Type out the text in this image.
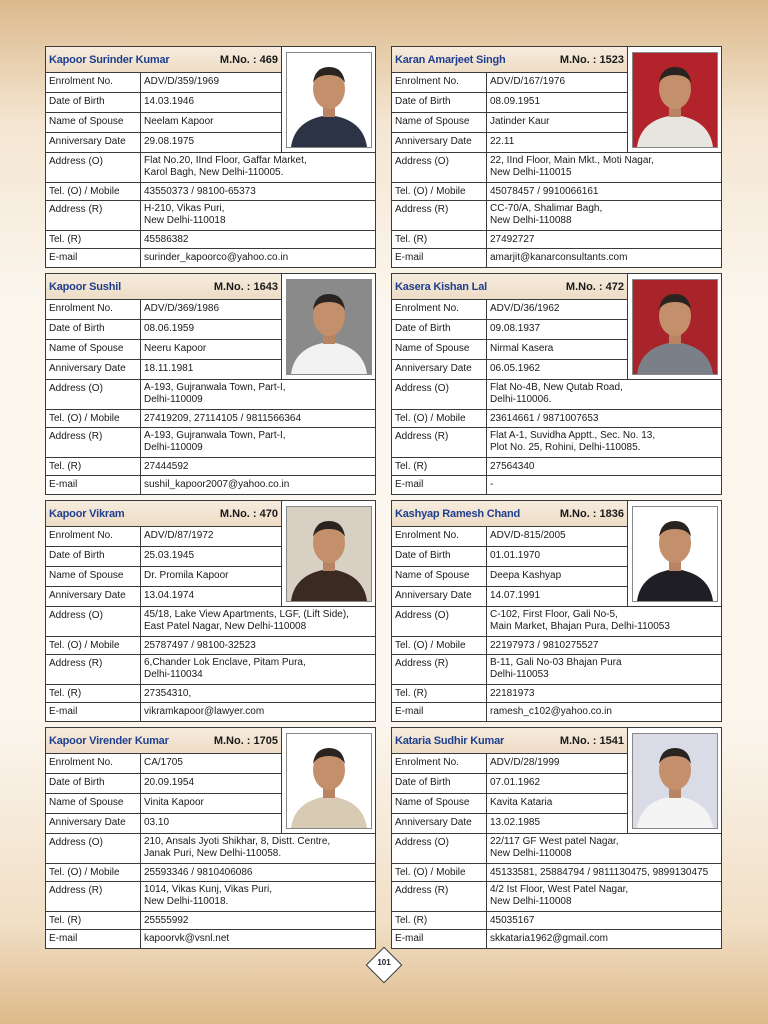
Kapoor Surinder Kumar	M.No. : 469
Enrolment No.	ADV/D/359/1969
Date of Birth	14.03.1946
Name of Spouse	Neelam Kapoor
Anniversary Date	29.08.1975
Address (O)	Flat No.20, IInd Floor, Gaffar Market,
Karol Bagh, New Delhi-110005.
Tel. (O) / Mobile	43550373 / 98100-65373
Address (R)	H-210, Vikas Puri,
New Delhi-110018
Tel. (R)	45586382
E-mail	surinder_kapoorco@yahoo.co.in
Karan Amarjeet Singh	M.No. : 1523
Enrolment No.	ADV/D/167/1976
Date of Birth	08.09.1951
Name of Spouse	Jatinder Kaur
Anniversary Date	22.11
Address (O)	22, IInd Floor, Main Mkt., Moti Nagar,
New Delhi-110015
Tel. (O) / Mobile	45078457 / 9910066161
Address (R)	CC-70/A, Shalimar Bagh,
New Delhi-110088
Tel. (R)	27492727
E-mail	amarjit@kanarconsultants.com
Kapoor Sushil	M.No. : 1643
Enrolment No.	ADV/D/369/1986
Date of Birth	08.06.1959
Name of Spouse	Neeru Kapoor
Anniversary Date	18.11.1981
Address (O)	A-193, Gujranwala Town, Part-I,
Delhi-110009
Tel. (O) / Mobile	27419209, 27114105 / 9811566364
Address (R)	A-193, Gujranwala Town, Part-I,
Delhi-110009
Tel. (R)	27444592
E-mail	sushil_kapoor2007@yahoo.co.in
Kasera Kishan Lal	M.No. : 472
Enrolment No.	ADV/D/36/1962
Date of Birth	09.08.1937
Name of Spouse	Nirmal Kasera
Anniversary Date	06.05.1962
Address (O)	Flat No-4B, New Qutab Road,
Delhi-110006.
Tel. (O) / Mobile	23614661 / 9871007653
Address (R)	Flat A-1, Suvidha Apptt., Sec. No. 13,
Plot No. 25, Rohini, Delhi-110085.
Tel. (R)	27564340
E-mail	-
Kapoor Vikram	M.No. : 470
Enrolment No.	ADV/D/87/1972
Date of Birth	25.03.1945
Name of Spouse	Dr. Promila Kapoor
Anniversary Date	13.04.1974
Address (O)	45/18, Lake View Apartments, LGF, (Lift Side),
East Patel Nagar, New Delhi-110008
Tel. (O) / Mobile	25787497 / 98100-32523
Address (R)	6,Chander Lok Enclave, Pitam Pura,
Delhi-110034
Tel. (R)	27354310,
E-mail	vikramkapoor@lawyer.com
Kashyap Ramesh Chand	M.No. : 1836
Enrolment No.	ADV/D-815/2005
Date of Birth	01.01.1970
Name of Spouse	Deepa Kashyap
Anniversary Date	14.07.1991
Address (O)	C-102, First Floor, Gali No-5,
Main Market, Bhajan Pura, Delhi-110053
Tel. (O) / Mobile	22197973 / 9810275527
Address (R)	B-11, Gali No-03 Bhajan Pura
Delhi-110053
Tel. (R)	22181973
E-mail	ramesh_c102@yahoo.co.in
Kapoor Virender Kumar	M.No. : 1705
Enrolment No.	CA/1705
Date of Birth	20.09.1954
Name of Spouse	Vinita Kapoor
Anniversary Date	03.10
Address (O)	210, Ansals Jyoti Shikhar, 8, Distt. Centre,
Janak Puri, New Delhi-110058.
Tel. (O) / Mobile	25593346 / 9810406086
Address (R)	1014, Vikas Kunj, Vikas Puri,
New Delhi-110018.
Tel. (R)	25555992
E-mail	kapoorvk@vsnl.net
Kataria Sudhir Kumar	M.No. : 1541
Enrolment No.	ADV/D/28/1999
Date of Birth	07.01.1962
Name of Spouse	Kavita Kataria
Anniversary Date	13.02.1985
Address (O)	22/117 GF West patel Nagar,
New Delhi-110008
Tel. (O) / Mobile	45133581, 25884794 / 9811130475, 9899130475
Address (R)	4/2 Ist Floor, West Patel Nagar,
New Delhi-110008
Tel. (R)	45035167
E-mail	skkataria1962@gmail.com
101
